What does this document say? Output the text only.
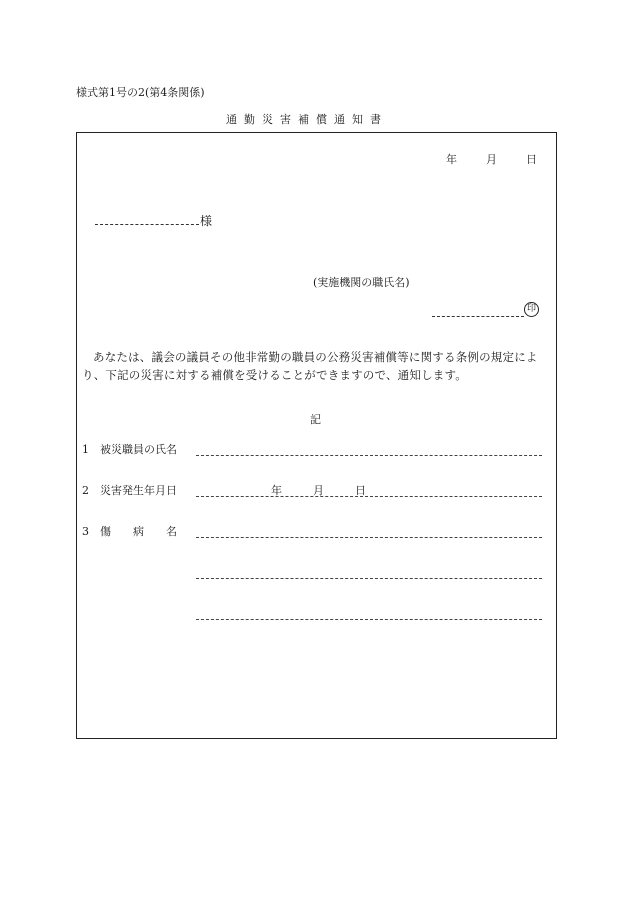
様式第1号の2(第4条関係)
通勤災害補償通知書
年	月	日
様
(実施機関の職氏名)
印
あなたは、議会の議員その他非常勤の職員の公務災害補償等に関する条例の規定により、下記の災害に対する補償を受けることができますので、通知します。
記
1　被災職員の氏名
2　災害発生年月日	年	月	日
3　傷　　病　　名
